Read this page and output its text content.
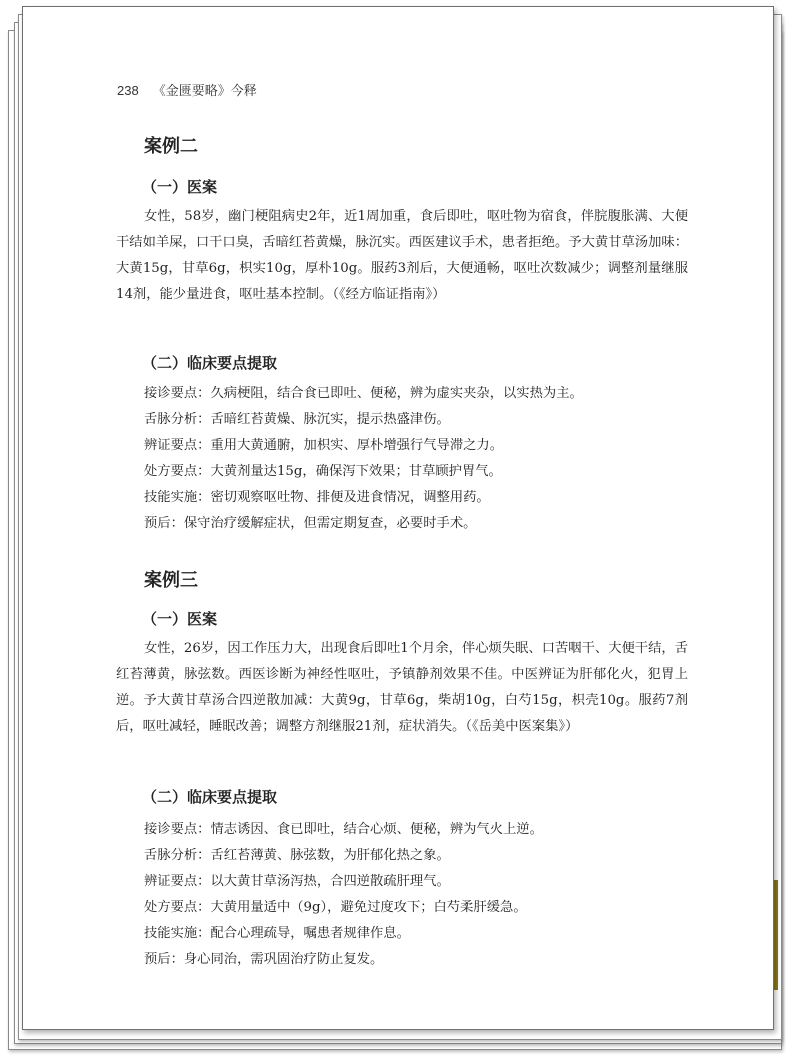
238 《金匮要略》今释
案例二
（一）医案

女性，58岁，幽门梗阻病史2年，近1周加重，食后即吐，呕吐物为宿食，伴脘腹胀满、大便干结如羊屎，口干口臭，舌暗红苔黄燥，脉沉实。西医建议手术，患者拒绝。予大黄甘草汤加味：大黄15g，甘草6g，枳实10g，厚朴10g。服药3剂后，大便通畅，呕吐次数减少；调整剂量继服14剂，能少量进食，呕吐基本控制。（《经方临证指南》）

（二）临床要点提取
接诊要点：久病梗阻，结合食已即吐、便秘，辨为虚实夹杂，以实热为主。
舌脉分析：舌暗红苔黄燥、脉沉实，提示热盛津伤。
辨证要点：重用大黄通腑，加枳实、厚朴增强行气导滞之力。
处方要点：大黄剂量达15g，确保泻下效果；甘草顾护胃气。
技能实施：密切观察呕吐物、排便及进食情况，调整用药。
预后：保守治疗缓解症状，但需定期复查，必要时手术。
案例三
（一）医案

女性，26岁，因工作压力大，出现食后即吐1个月余，伴心烦失眠、口苦咽干、大便干结，舌红苔薄黄，脉弦数。西医诊断为神经性呕吐，予镇静剂效果不佳。中医辨证为肝郁化火，犯胃上逆。予大黄甘草汤合四逆散加减：大黄9g，甘草6g，柴胡10g，白芍15g，枳壳10g。服药7剂后，呕吐减轻，睡眠改善；调整方剂继服21剂，症状消失。（《岳美中医案集》）

（二）临床要点提取
接诊要点：情志诱因、食已即吐，结合心烦、便秘，辨为气火上逆。
舌脉分析：舌红苔薄黄、脉弦数，为肝郁化热之象。
辨证要点：以大黄甘草汤泻热，合四逆散疏肝理气。
处方要点：大黄用量适中（9g），避免过度攻下；白芍柔肝缓急。
技能实施：配合心理疏导，嘱患者规律作息。
预后：身心同治，需巩固治疗防止复发。
